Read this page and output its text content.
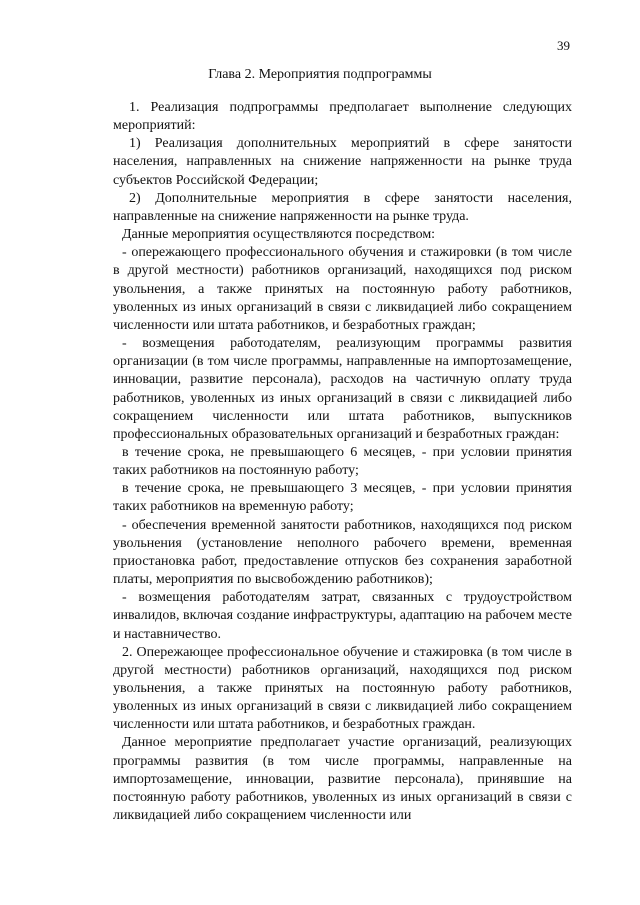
39
Глава 2. Мероприятия подпрограммы

1. Реализация подпрограммы предполагает выполнение следующих мероприятий:

1) Реализация дополнительных мероприятий в сфере занятости населения, направленных на снижение напряженности на рынке труда субъектов Российской Федерации;

2) Дополнительные мероприятия в сфере занятости населения, направленные на снижение напряженности на рынке труда.

Данные мероприятия осуществляются посредством:

- опережающего профессионального обучения и стажировки (в том числе в другой местности) работников организаций, находящихся под риском увольнения, а также принятых на постоянную работу работников, уволенных из иных организаций в связи с ликвидацией либо сокращением численности или штата работников, и безработных граждан;

- возмещения работодателям, реализующим программы развития организации (в том числе программы, направленные на импортозамещение, инновации, развитие персонала), расходов на частичную оплату труда работников, уволенных из иных организаций в связи с ликвидацией либо сокращением численности или штата работников, выпускников профессиональных образовательных организаций и безработных граждан:

в течение срока, не превышающего 6 месяцев, - при условии принятия таких работников на постоянную работу;

в течение срока, не превышающего 3 месяцев, - при условии принятия таких работников на временную работу;

- обеспечения временной занятости работников, находящихся под риском увольнения (установление неполного рабочего времени, временная приостановка работ, предоставление отпусков без сохранения заработной платы, мероприятия по высвобождению работников);

- возмещения работодателям затрат, связанных с трудоустройством инвалидов, включая создание инфраструктуры, адаптацию на рабочем месте и наставничество.

2. Опережающее профессиональное обучение и стажировка (в том числе в другой местности) работников организаций, находящихся под риском увольнения, а также принятых на постоянную работу работников, уволенных из иных организаций в связи с ликвидацией либо сокращением численности или штата работников, и безработных граждан.

Данное мероприятие предполагает участие организаций, реализующих программы развития (в том числе программы, направленные на импортозамещение, инновации, развитие персонала), принявшие на постоянную работу работников, уволенных из иных организаций в связи с ликвидацией либо сокращением численности или
